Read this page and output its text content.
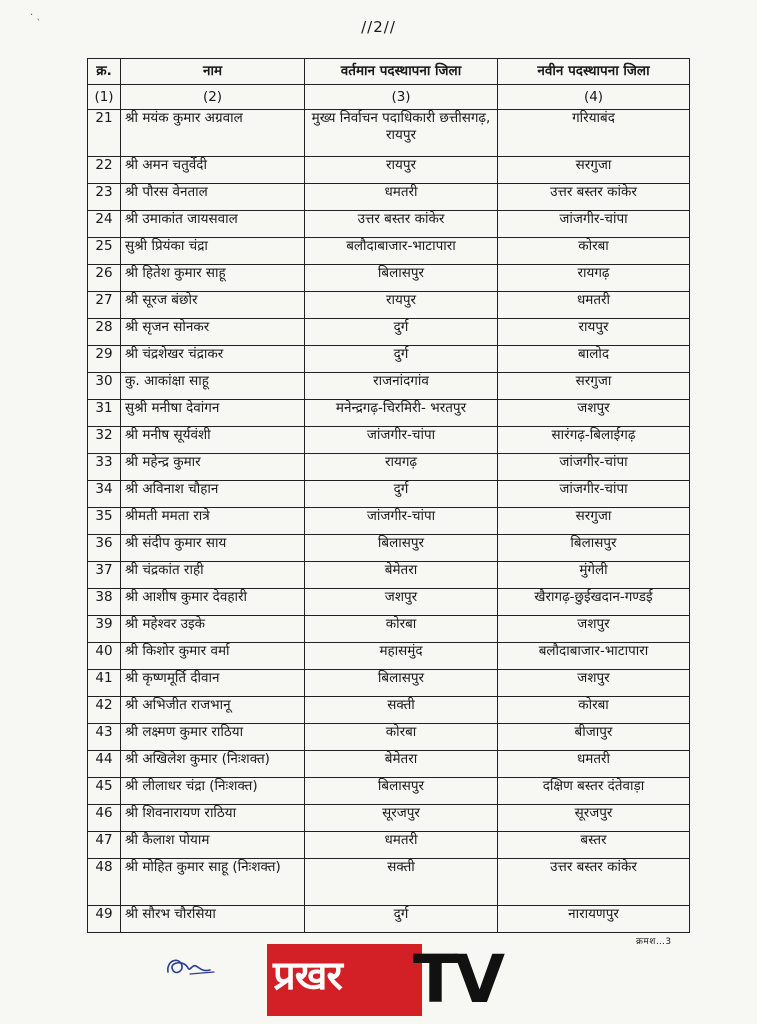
· ˎ
//2//
क्र.	नाम	वर्तमान पदस्थापना जिला	नवीन पदस्थापना जिला
(1)	(2)	(3)	(4)
21	श्री मयंक कुमार अग्रवाल	मुख्य निर्वाचन पदाधिकारी छत्तीसगढ़, रायपुर	गरियाबंद
22	श्री अमन चतुर्वेदी	रायपुर	सरगुजा
23	श्री पौरस वेनताल	धमतरी	उत्तर बस्तर कांकेर
24	श्री उमाकांत जायसवाल	उत्तर बस्तर कांकेर	जांजगीर-चांपा
25	सुश्री प्रियंका चंद्रा	बलौदाबाजार-भाटापारा	कोरबा
26	श्री हितेश कुमार साहू	बिलासपुर	रायगढ़
27	श्री सूरज बंछोर	रायपुर	धमतरी
28	श्री सृजन सोनकर	दुर्ग	रायपुर
29	श्री चंद्रशेखर चंद्राकर	दुर्ग	बालोद
30	कु. आकांक्षा साहू	राजनांदगांव	सरगुजा
31	सुश्री मनीषा देवांगन	मनेन्द्रगढ़-चिरमिरी- भरतपुर	जशपुर
32	श्री मनीष सूर्यवंशी	जांजगीर-चांपा	सारंगढ़-बिलाईगढ़
33	श्री महेन्द्र कुमार	रायगढ़	जांजगीर-चांपा
34	श्री अविनाश चौहान	दुर्ग	जांजगीर-चांपा
35	श्रीमती ममता रात्रे	जांजगीर-चांपा	सरगुजा
36	श्री संदीप कुमार साय	बिलासपुर	बिलासपुर
37	श्री चंद्रकांत राही	बेमेतरा	मुंगेली
38	श्री आशीष कुमार देवहारी	जशपुर	खैरागढ़-छुईखदान-गण्डई
39	श्री महेश्वर उइके	कोरबा	जशपुर
40	श्री किशोर कुमार वर्मा	महासमुंद	बलौदाबाजार-भाटापारा
41	श्री कृष्णमूर्ति दीवान	बिलासपुर	जशपुर
42	श्री अभिजीत राजभानू	सक्ती	कोरबा
43	श्री लक्ष्मण कुमार राठिया	कोरबा	बीजापुर
44	श्री अखिलेश कुमार (निःशक्त)	बेमेतरा	धमतरी
45	श्री लीलाधर चंद्रा (निःशक्त)	बिलासपुर	दक्षिण बस्तर दंतेवाड़ा
46	श्री शिवनारायण राठिया	सूरजपुर	सूरजपुर
47	श्री कैलाश पोयाम	धमतरी	बस्तर
48	श्री मोहित कुमार साहू (निःशक्त)	सक्ती	उत्तर बस्तर कांकेर
49	श्री सौरभ चौरसिया	दुर्ग	नारायणपुर
क्रमश…3
प्रखर TV
